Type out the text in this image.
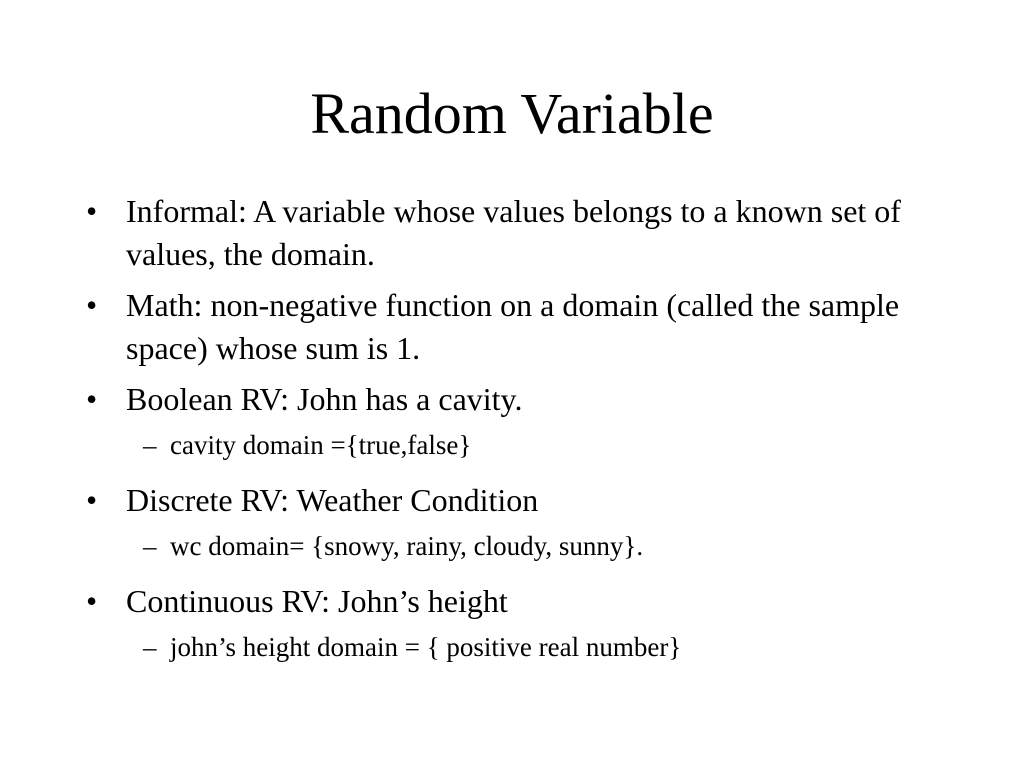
Random Variable
• Informal: A variable whose values belongs to a known set of values, the domain.
• Math: non-negative function on a domain (called the sample space) whose sum is 1.
• Boolean RV: John has a cavity.
– cavity domain ={true,false}
• Discrete RV: Weather Condition
– wc domain= {snowy, rainy, cloudy, sunny}.
• Continuous RV: John’s height
– john’s height domain = { positive real number}
